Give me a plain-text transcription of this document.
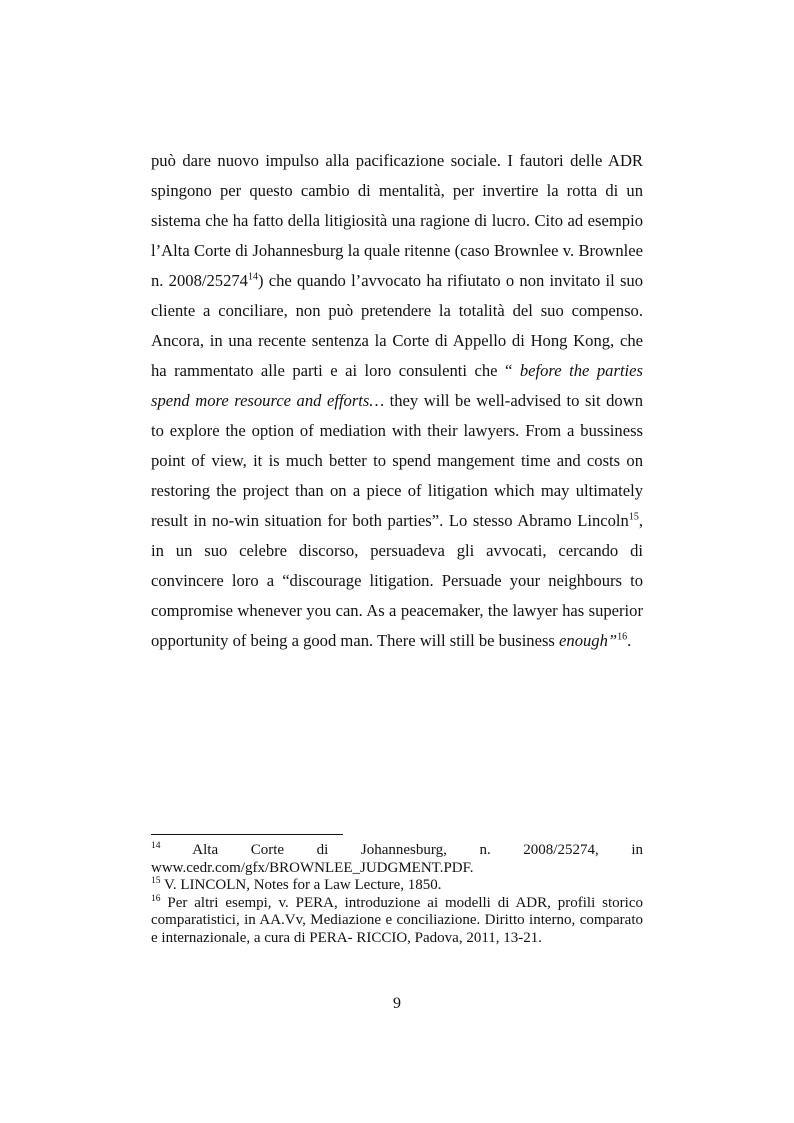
può dare nuovo impulso alla pacificazione sociale. I fautori delle ADR spingono per questo cambio di mentalità, per invertire la rotta di un sistema che ha fatto della litigiosità una ragione di lucro. Cito ad esempio l’Alta Corte di Johannesburg la quale ritenne (caso Brownlee v. Brownlee n. 2008/25274$^{14}$) che quando l’avvocato ha rifiutato o non invitato il suo cliente a conciliare, non può pretendere la totalità del suo compenso. Ancora, in una recente sentenza la Corte di Appello di Hong Kong, che ha rammentato alle parti e ai loro consulenti che “ before the parties spend more resource and efforts… they will be well-advised to sit down to explore the option of mediation with their lawyers. From a bussiness point of view, it is much better to spend mangement time and costs on restoring the project than on a piece of litigation which may ultimately result in no-win situation for both parties”. Lo stesso Abramo Lincoln$^{15}$, in un suo celebre discorso, persuadeva gli avvocati, cercando di convincere loro a “discourage litigation. Persuade your neighbours to compromise whenever you can. As a peacemaker, the lawyer has superior opportunity of being a good man. There will still be business enough”$^{16}$.

$^{14}$ Alta Corte di Johannesburg, n. 2008/25274, in

www.cedr.com/gfx/BROWNLEE_JUDGMENT.PDF.

$^{15}$ V. LINCOLN, Notes for a Law Lecture, 1850.

$^{16}$ Per altri esempi, v. PERA, introduzione ai modelli di ADR, profili storico comparatistici, in AA.Vv, Mediazione e conciliazione. Diritto interno, comparato e internazionale, a cura di PERA- RICCIO, Padova, 2011, 13-21.

9
